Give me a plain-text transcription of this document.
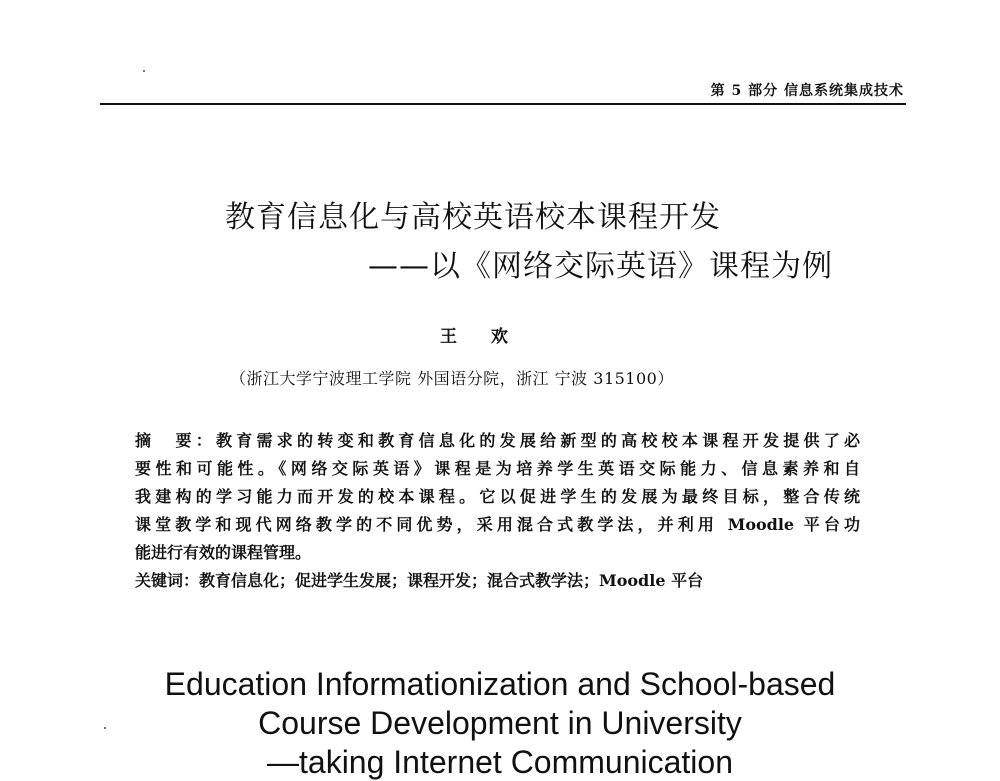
第 5 部分 信息系统集成技术
教育信息化与高校英语校本课程开发
——以《网络交际英语》课程为例
王 欢
（浙江大学宁波理工学院 外国语分院，浙江 宁波 315100）
摘　要：教育需求的转变和教育信息化的发展给新型的高校校本课程开发提供了必
要性和可能性。《网络交际英语》课程是为培养学生英语交际能力、信息素养和自
我建构的学习能力而开发的校本课程。它以促进学生的发展为最终目标，整合传统
课堂教学和现代网络教学的不同优势，采用混合式教学法，并利用 Moodle 平台功
能进行有效的课程管理。
关键词：教育信息化；促进学生发展；课程开发；混合式教学法；Moodle 平台
Education Informationization and School-based
Course Development in University
—taking Internet Communication
